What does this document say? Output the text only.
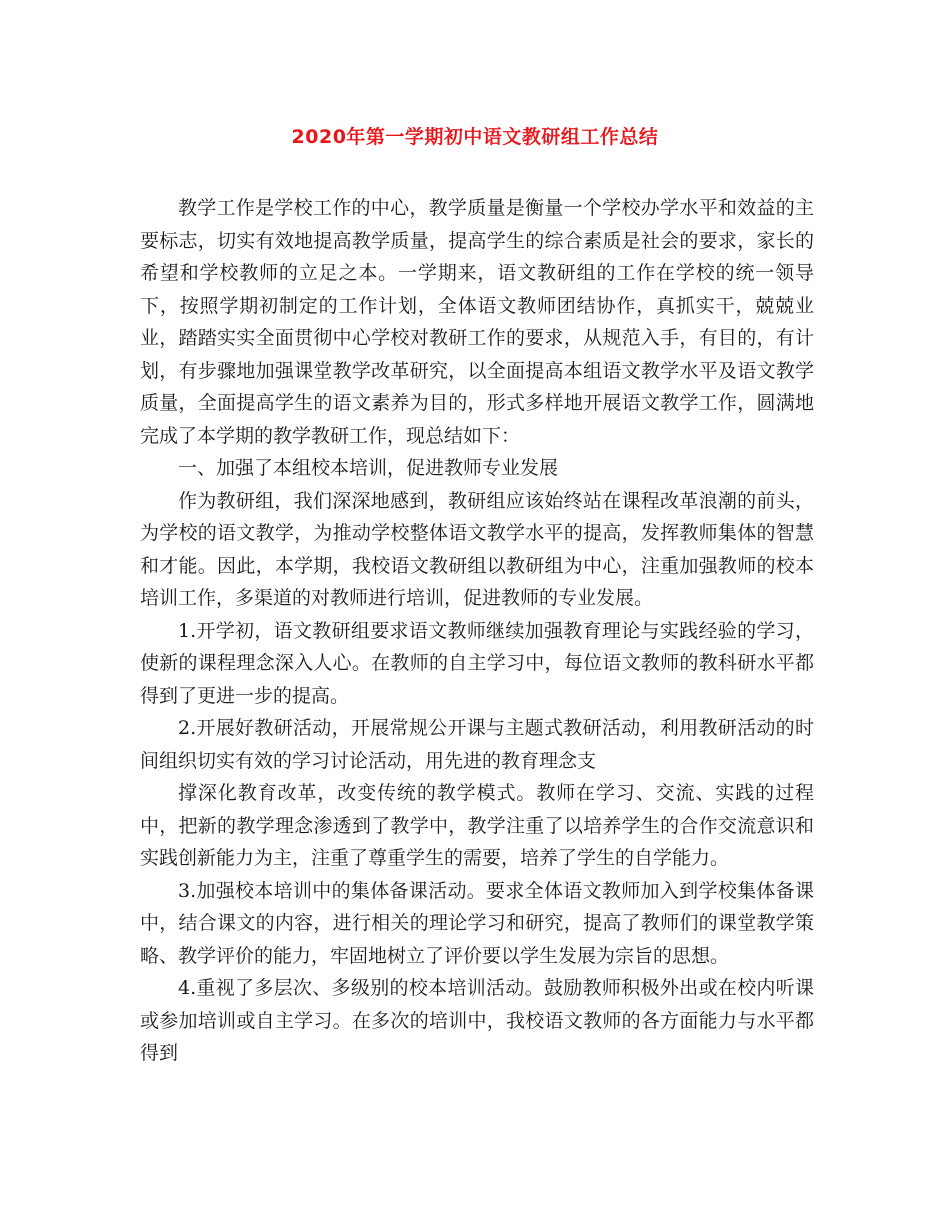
2020年第一学期初中语文教研组工作总结

教学工作是学校工作的中心，教学质量是衡量一个学校办学水平和效益的主要标志，切实有效地提高教学质量，提高学生的综合素质是社会的要求，家长的希望和学校教师的立足之本。一学期来，语文教研组的工作在学校的统一领导下，按照学期初制定的工作计划，全体语文教师团结协作，真抓实干，兢兢业业，踏踏实实全面贯彻中心学校对教研工作的要求，从规范入手，有目的，有计划，有步骤地加强课堂教学改革研究，以全面提高本组语文教学水平及语文教学质量，全面提高学生的语文素养为目的，形式多样地开展语文教学工作，圆满地完成了本学期的教学教研工作，现总结如下：

一、加强了本组校本培训，促进教师专业发展

作为教研组，我们深深地感到，教研组应该始终站在课程改革浪潮的前头，为学校的语文教学，为推动学校整体语文教学水平的提高，发挥教师集体的智慧和才能。因此，本学期，我校语文教研组以教研组为中心，注重加强教师的校本培训工作，多渠道的对教师进行培训，促进教师的专业发展。

1.开学初，语文教研组要求语文教师继续加强教育理论与实践经验的学习，使新的课程理念深入人心。在教师的自主学习中，每位语文教师的教科研水平都得到了更进一步的提高。

2.开展好教研活动，开展常规公开课与主题式教研活动，利用教研活动的时间组织切实有效的学习讨论活动，用先进的教育理念支

撑深化教育改革，改变传统的教学模式。教师在学习、交流、实践的过程中，把新的教学理念渗透到了教学中，教学注重了以培养学生的合作交流意识和实践创新能力为主，注重了尊重学生的需要，培养了学生的自学能力。

3.加强校本培训中的集体备课活动。要求全体语文教师加入到学校集体备课中，结合课文的内容，进行相关的理论学习和研究，提高了教师们的课堂教学策略、教学评价的能力，牢固地树立了评价要以学生发展为宗旨的思想。

4.重视了多层次、多级别的校本培训活动。鼓励教师积极外出或在校内听课或参加培训或自主学习。在多次的培训中，我校语文教师的各方面能力与水平都得到
